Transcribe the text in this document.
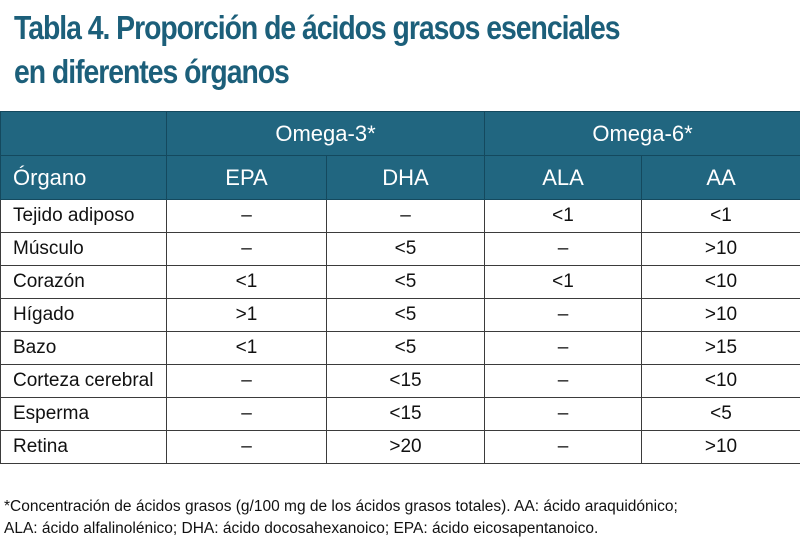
Tabla 4. Proporción de ácidos grasos esenciales
en diferentes órganos
	Omega-3*		Omega-6*	
Órgano	EPA	DHA	ALA	AA
Tejido adiposo	–	–	<1	<1
Músculo	–	<5	–	>10
Corazón	<1	<5	<1	<10
Hígado	>1	<5	–	>10
Bazo	<1	<5	–	>15
Corteza cerebral	–	<15	–	<10
Esperma	–	<15	–	<5
Retina	–	>20	–	>10
*Concentración de ácidos grasos (g/100 mg de los ácidos grasos totales). AA: ácido araquidónico;
ALA: ácido alfalinolénico; DHA: ácido docosahexanoico; EPA: ácido eicosapentanoico.
